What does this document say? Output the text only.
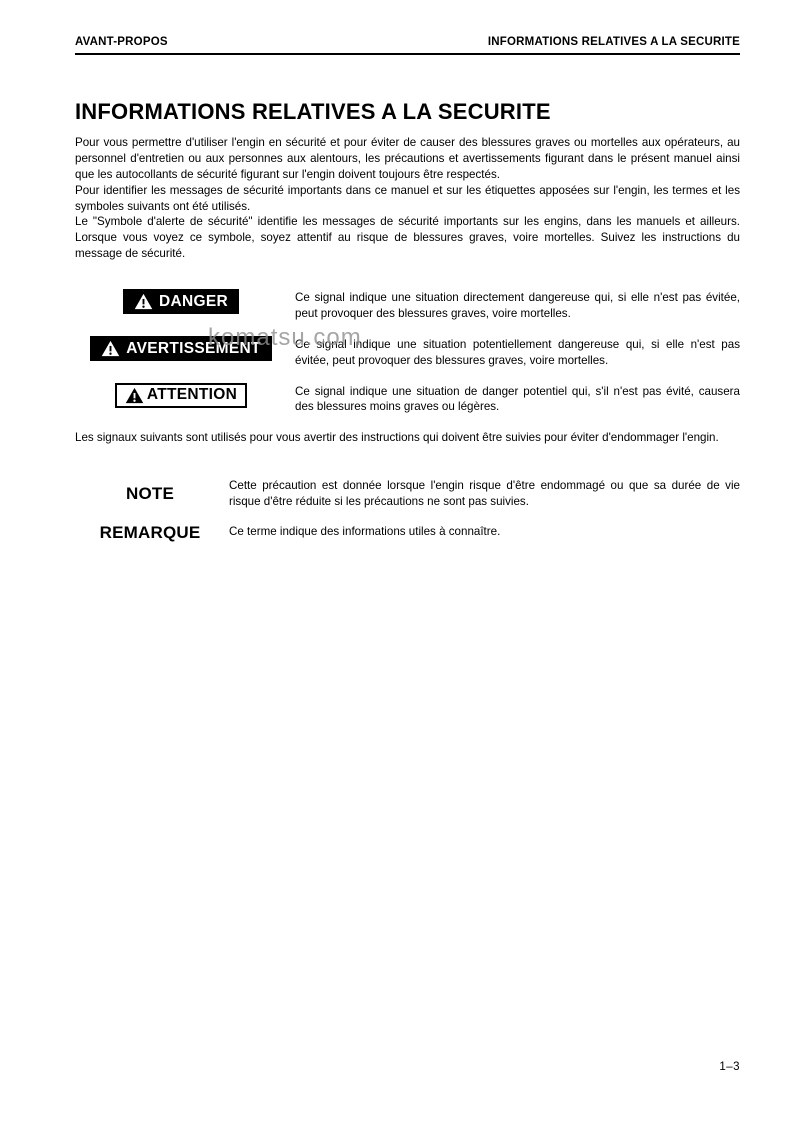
AVANT-PROPOS	INFORMATIONS RELATIVES A LA SECURITE
INFORMATIONS RELATIVES A LA SECURITE

Pour vous permettre d'utiliser l'engin en sécurité et pour éviter de causer des blessures graves ou mortelles aux opérateurs, au personnel d'entretien ou aux personnes aux alentours, les précautions et avertissements figurant dans le présent manuel ainsi que les autocollants de sécurité figurant sur l'engin doivent toujours être respectés.

Pour identifier les messages de sécurité importants dans ce manuel et sur les étiquettes apposées sur l'engin, les termes et les symboles suivants ont été utilisés.

Le "Symbole d'alerte de sécurité" identifie les messages de sécurité importants sur les engins, dans les manuels et ailleurs. Lorsque vous voyez ce symbole, soyez attentif au risque de blessures graves, voire mortelles. Suivez les instructions du message de sécurité.

DANGER	Ce signal indique une situation directement dangereuse qui, si elle n'est pas évitée, peut provoquer des blessures graves, voire mortelles.
AVERTISSEMENT	Ce signal indique une situation potentiellement dangereuse qui, si elle n'est pas évitée, peut provoquer des blessures graves, voire mortelles.
ATTENTION	Ce signal indique une situation de danger potentiel qui, s'il n'est pas évité, causera des blessures moins graves ou légères.

Les signaux suivants sont utilisés pour vous avertir des instructions qui doivent être suivies pour éviter d'endommager l'engin.

NOTE	Cette précaution est donnée lorsque l'engin risque d'être endommagé ou que sa durée de vie risque d'être réduite si les précautions ne sont pas suivies.
REMARQUE	Ce terme indique des informations utiles à connaître.
komatsu.com
1–3
